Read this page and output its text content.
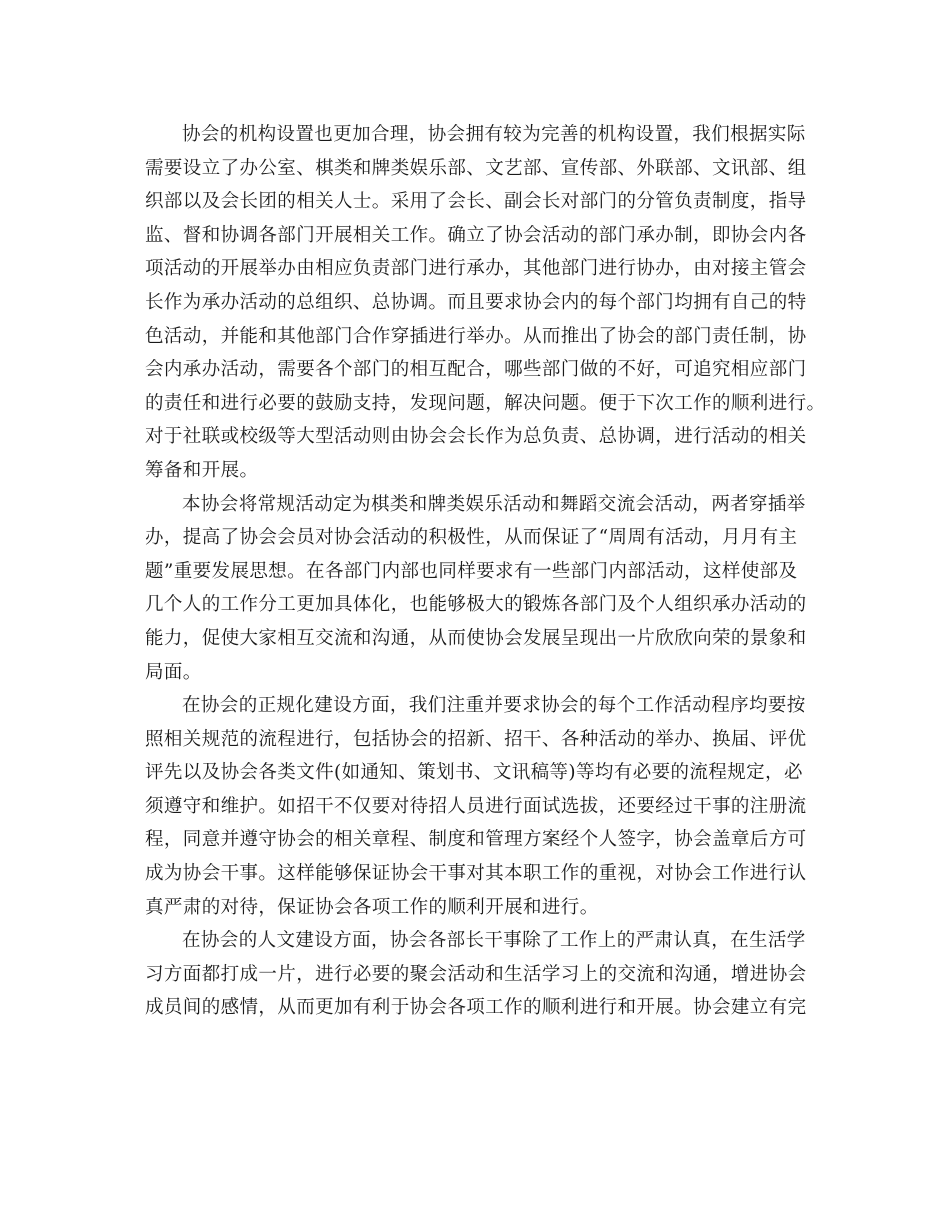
协会的机构设置也更加合理，协会拥有较为完善的机构设置，我们根据实际
需要设立了办公室、棋类和牌类娱乐部、文艺部、宣传部、外联部、文讯部、组
织部以及会长团的相关人士。采用了会长、副会长对部门的分管负责制度，指导
监、督和协调各部门开展相关工作。确立了协会活动的部门承办制，即协会内各
项活动的开展举办由相应负责部门进行承办，其他部门进行协办，由对接主管会
长作为承办活动的总组织、总协调。而且要求协会内的每个部门均拥有自己的特
色活动，并能和其他部门合作穿插进行举办。从而推出了协会的部门责任制，协
会内承办活动，需要各个部门的相互配合，哪些部门做的不好，可追究相应部门
的责任和进行必要的鼓励支持，发现问题，解决问题。便于下次工作的顺利进行。
对于社联或校级等大型活动则由协会会长作为总负责、总协调，进行活动的相关
筹备和开展。
本协会将常规活动定为棋类和牌类娱乐活动和舞蹈交流会活动，两者穿插举
办，提高了协会会员对协会活动的积极性，从而保证了“周周有活动，月月有主
题”重要发展思想。在各部门内部也同样要求有一些部门内部活动，这样使部及
几个人的工作分工更加具体化，也能够极大的锻炼各部门及个人组织承办活动的
能力，促使大家相互交流和沟通，从而使协会发展呈现出一片欣欣向荣的景象和
局面。
在协会的正规化建设方面，我们注重并要求协会的每个工作活动程序均要按
照相关规范的流程进行，包括协会的招新、招干、各种活动的举办、换届、评优
评先以及协会各类文件(如通知、策划书、文讯稿等)等均有必要的流程规定，必
须遵守和维护。如招干不仅要对待招人员进行面试选拔，还要经过干事的注册流
程，同意并遵守协会的相关章程、制度和管理方案经个人签字，协会盖章后方可
成为协会干事。这样能够保证协会干事对其本职工作的重视，对协会工作进行认
真严肃的对待，保证协会各项工作的顺利开展和进行。
在协会的人文建设方面，协会各部长干事除了工作上的严肃认真，在生活学
习方面都打成一片，进行必要的聚会活动和生活学习上的交流和沟通，增进协会
成员间的感情，从而更加有利于协会各项工作的顺利进行和开展。协会建立有完
